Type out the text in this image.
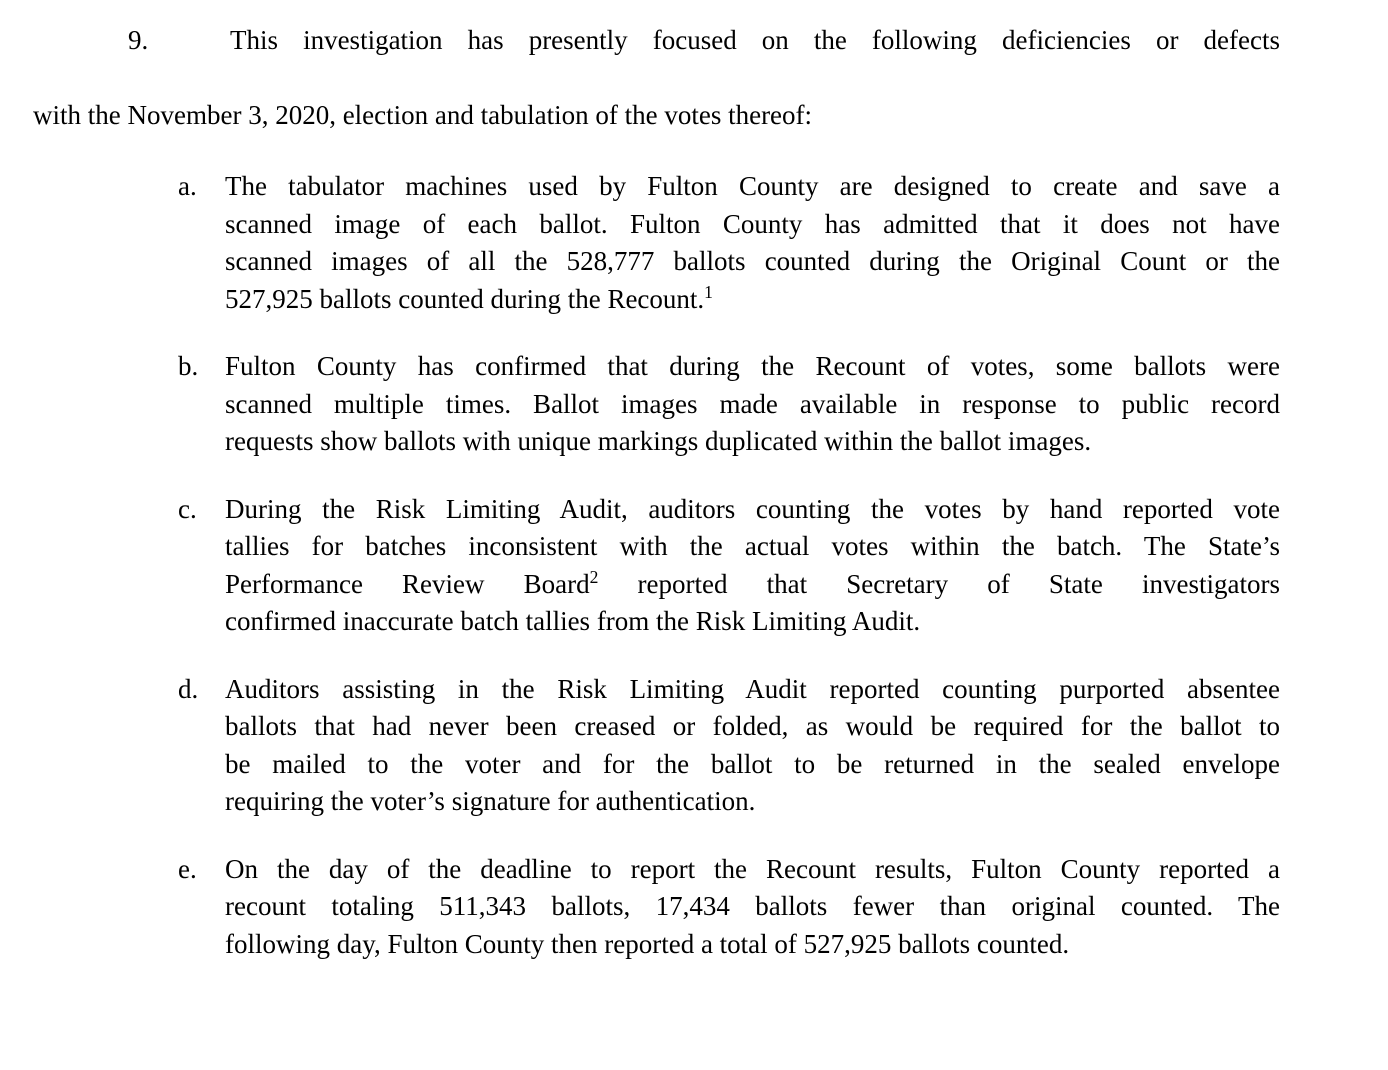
9.	This investigation has presently focused on the following deficiencies or defects
with the November 3, 2020, election and tabulation of the votes thereof:
a. The tabulator machines used by Fulton County are designed to create and save a
scanned image of each ballot. Fulton County has admitted that it does not have
scanned images of all the 528,777 ballots counted during the Original Count or the
527,925 ballots counted during the Recount.$^1$
b. Fulton County has confirmed that during the Recount of votes, some ballots were
scanned multiple times. Ballot images made available in response to public record
requests show ballots with unique markings duplicated within the ballot images.
c. During the Risk Limiting Audit, auditors counting the votes by hand reported vote
tallies for batches inconsistent with the actual votes within the batch. The State’s
Performance Review Board$^2$ reported that Secretary of State investigators
confirmed inaccurate batch tallies from the Risk Limiting Audit.
d. Auditors assisting in the Risk Limiting Audit reported counting purported absentee
ballots that had never been creased or folded, as would be required for the ballot to
be mailed to the voter and for the ballot to be returned in the sealed envelope
requiring the voter’s signature for authentication.
e. On the day of the deadline to report the Recount results, Fulton County reported a
recount totaling 511,343 ballots, 17,434 ballots fewer than original counted. The
following day, Fulton County then reported a total of 527,925 ballots counted.
